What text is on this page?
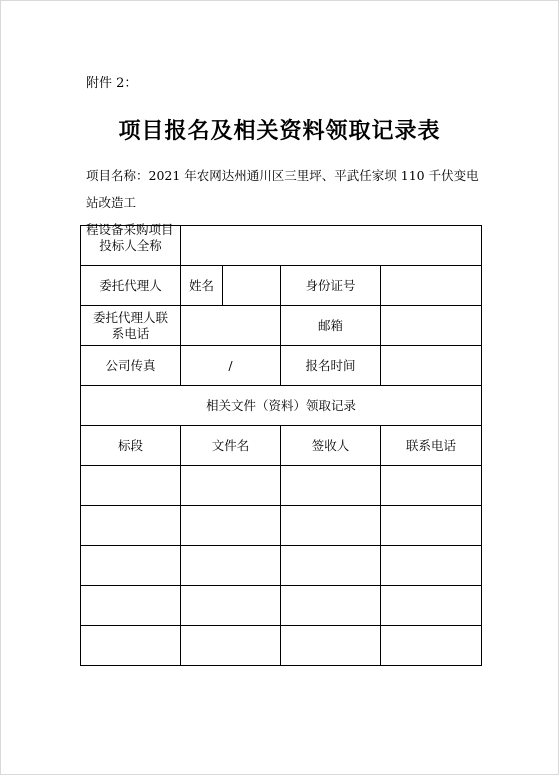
附件 2：
项目报名及相关资料领取记录表
项目名称：2021 年农网达州通川区三里坪、平武任家坝 110 千伏变电站改造工
程设备采购项目
投标人全称				
委托代理人	姓名		身份证号	
委托代理人联系电话			邮箱	
公司传真	/		报名时间	
相关文件（资料）领取记录				
标段	文件名		签收人	联系电话
